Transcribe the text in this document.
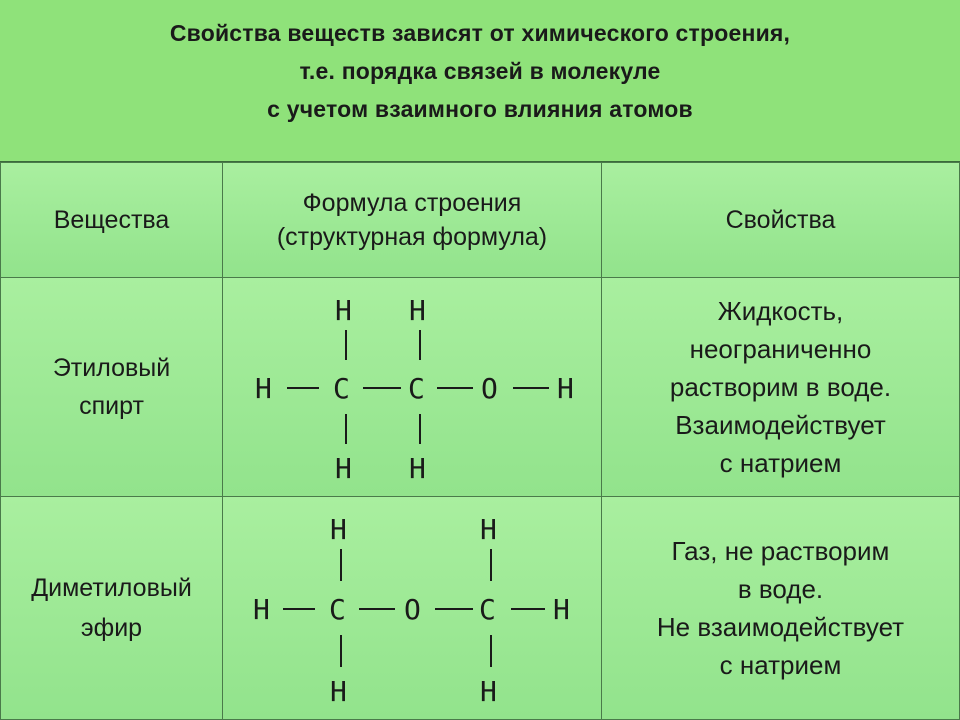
Свойства веществ зависят от химического строения,
т.е. порядка связей в молекуле
с учетом взаимного влияния атомов
Вещества
Формула строения
(структурная формула)
Свойства
Этиловый
спирт
H H
H C C O H
H H
Жидкость,
неограниченно
растворим в воде.
Взаимодействует
с натрием
Диметиловый
эфир
H	H
H C O C H
H	H
Газ, не растворим
в воде.
Не взаимодействует
с натрием
